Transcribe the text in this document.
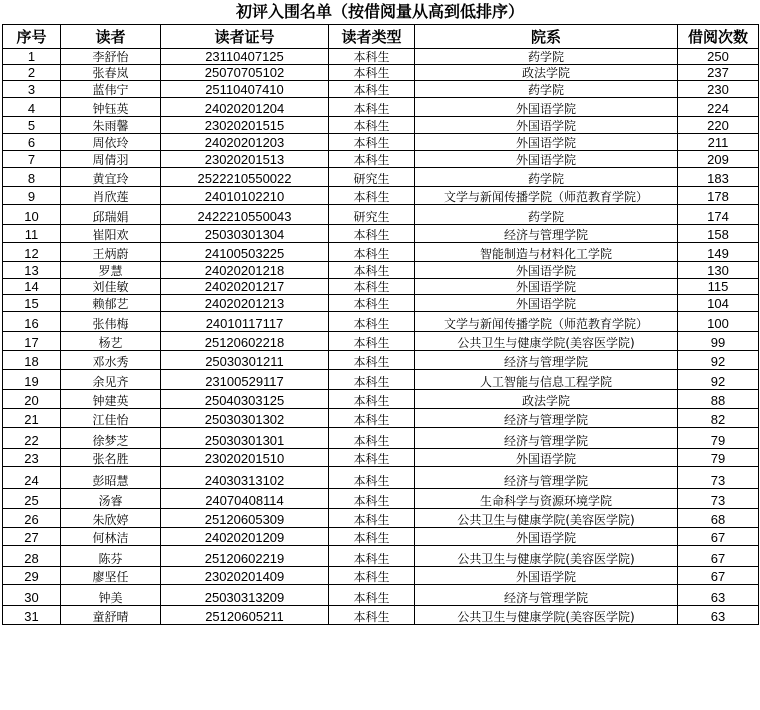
初评入围名单（按借阅量从高到低排序）
序号	读者	读者证号	读者类型	院系	借阅次数
1	李舒怡	23110407125	本科生	药学院	250
2	张春岚	25070705102	本科生	政法学院	237
3	蓝伟宁	25110407410	本科生	药学院	230
4	钟钰英	24020201204	本科生	外国语学院	224
5	朱雨馨	23020201515	本科生	外国语学院	220
6	周依玲	24020201203	本科生	外国语学院	211
7	周倩羽	23020201513	本科生	外国语学院	209
8	黄宜玲	2522210550022	研究生	药学院	183
9	肖欣莲	24010102210	本科生	文学与新闻传播学院（师范教育学院）	178
10	邱瑞娟	2422210550043	研究生	药学院	174
11	崔阳欢	25030301304	本科生	经济与管理学院	158
12	王炳蔚	24100503225	本科生	智能制造与材料化工学院	149
13	罗慧	24020201218	本科生	外国语学院	130
14	刘佳敏	24020201217	本科生	外国语学院	115
15	赖郁艺	24020201213	本科生	外国语学院	104
16	张伟梅	24010117117	本科生	文学与新闻传播学院（师范教育学院）	100
17	杨艺	25120602218	本科生	公共卫生与健康学院(美容医学院)	99
18	邓水秀	25030301211	本科生	经济与管理学院	92
19	余见齐	23100529117	本科生	人工智能与信息工程学院	92
20	钟建英	25040303125	本科生	政法学院	88
21	江佳怡	25030301302	本科生	经济与管理学院	82
22	徐梦芝	25030301301	本科生	经济与管理学院	79
23	张名胜	23020201510	本科生	外国语学院	79
24	彭昭慧	24030313102	本科生	经济与管理学院	73
25	汤睿	24070408114	本科生	生命科学与资源环境学院	73
26	朱欣婷	25120605309	本科生	公共卫生与健康学院(美容医学院)	68
27	何林洁	24020201209	本科生	外国语学院	67
28	陈芬	25120602219	本科生	公共卫生与健康学院(美容医学院)	67
29	廖坚任	23020201409	本科生	外国语学院	67
30	钟美	25030313209	本科生	经济与管理学院	63
31	童舒晴	25120605211	本科生	公共卫生与健康学院(美容医学院)	63
